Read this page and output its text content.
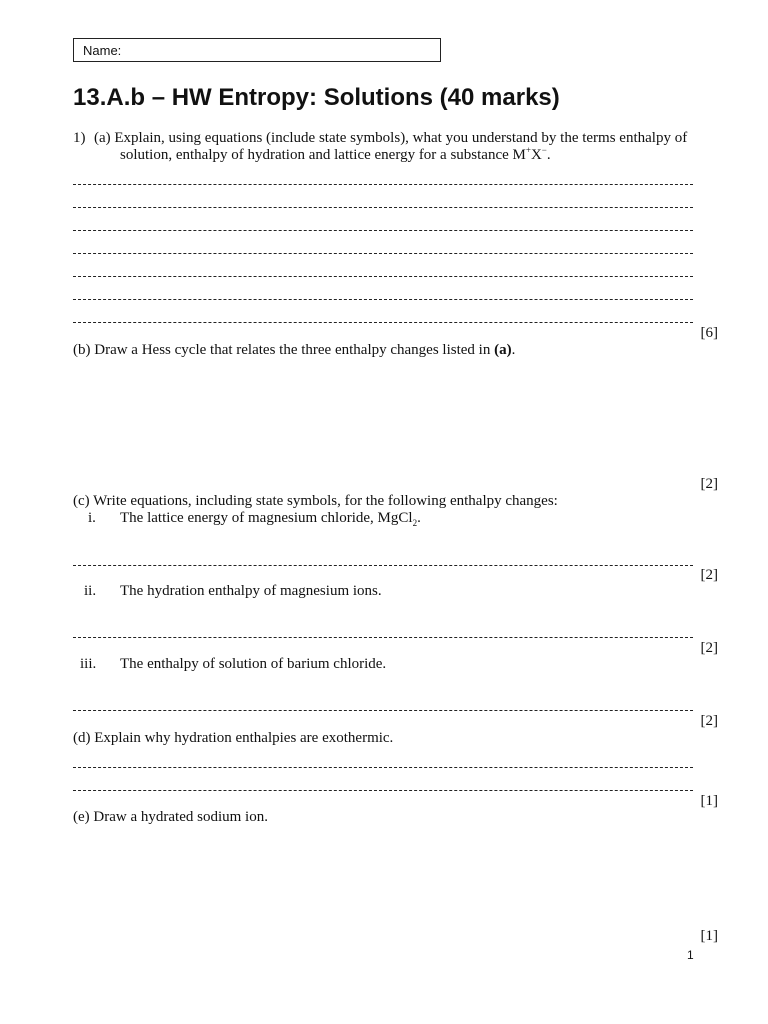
Name:
13.A.b – HW Entropy: Solutions (40 marks)
1) (a) Explain, using equations (include state symbols), what you understand by the terms enthalpy of
solution, enthalpy of hydration and lattice energy for a substance M+X−.
[6]
(b) Draw a Hess cycle that relates the three enthalpy changes listed in (a).
[2]
(c) Write equations, including state symbols, for the following enthalpy changes:
i. The lattice energy of magnesium chloride, MgCl$_2$.
[2]
ii. The hydration enthalpy of magnesium ions.
[2]
iii. The enthalpy of solution of barium chloride.
[2]
(d) Explain why hydration enthalpies are exothermic.
[1]
(e) Draw a hydrated sodium ion.
[1]
1
